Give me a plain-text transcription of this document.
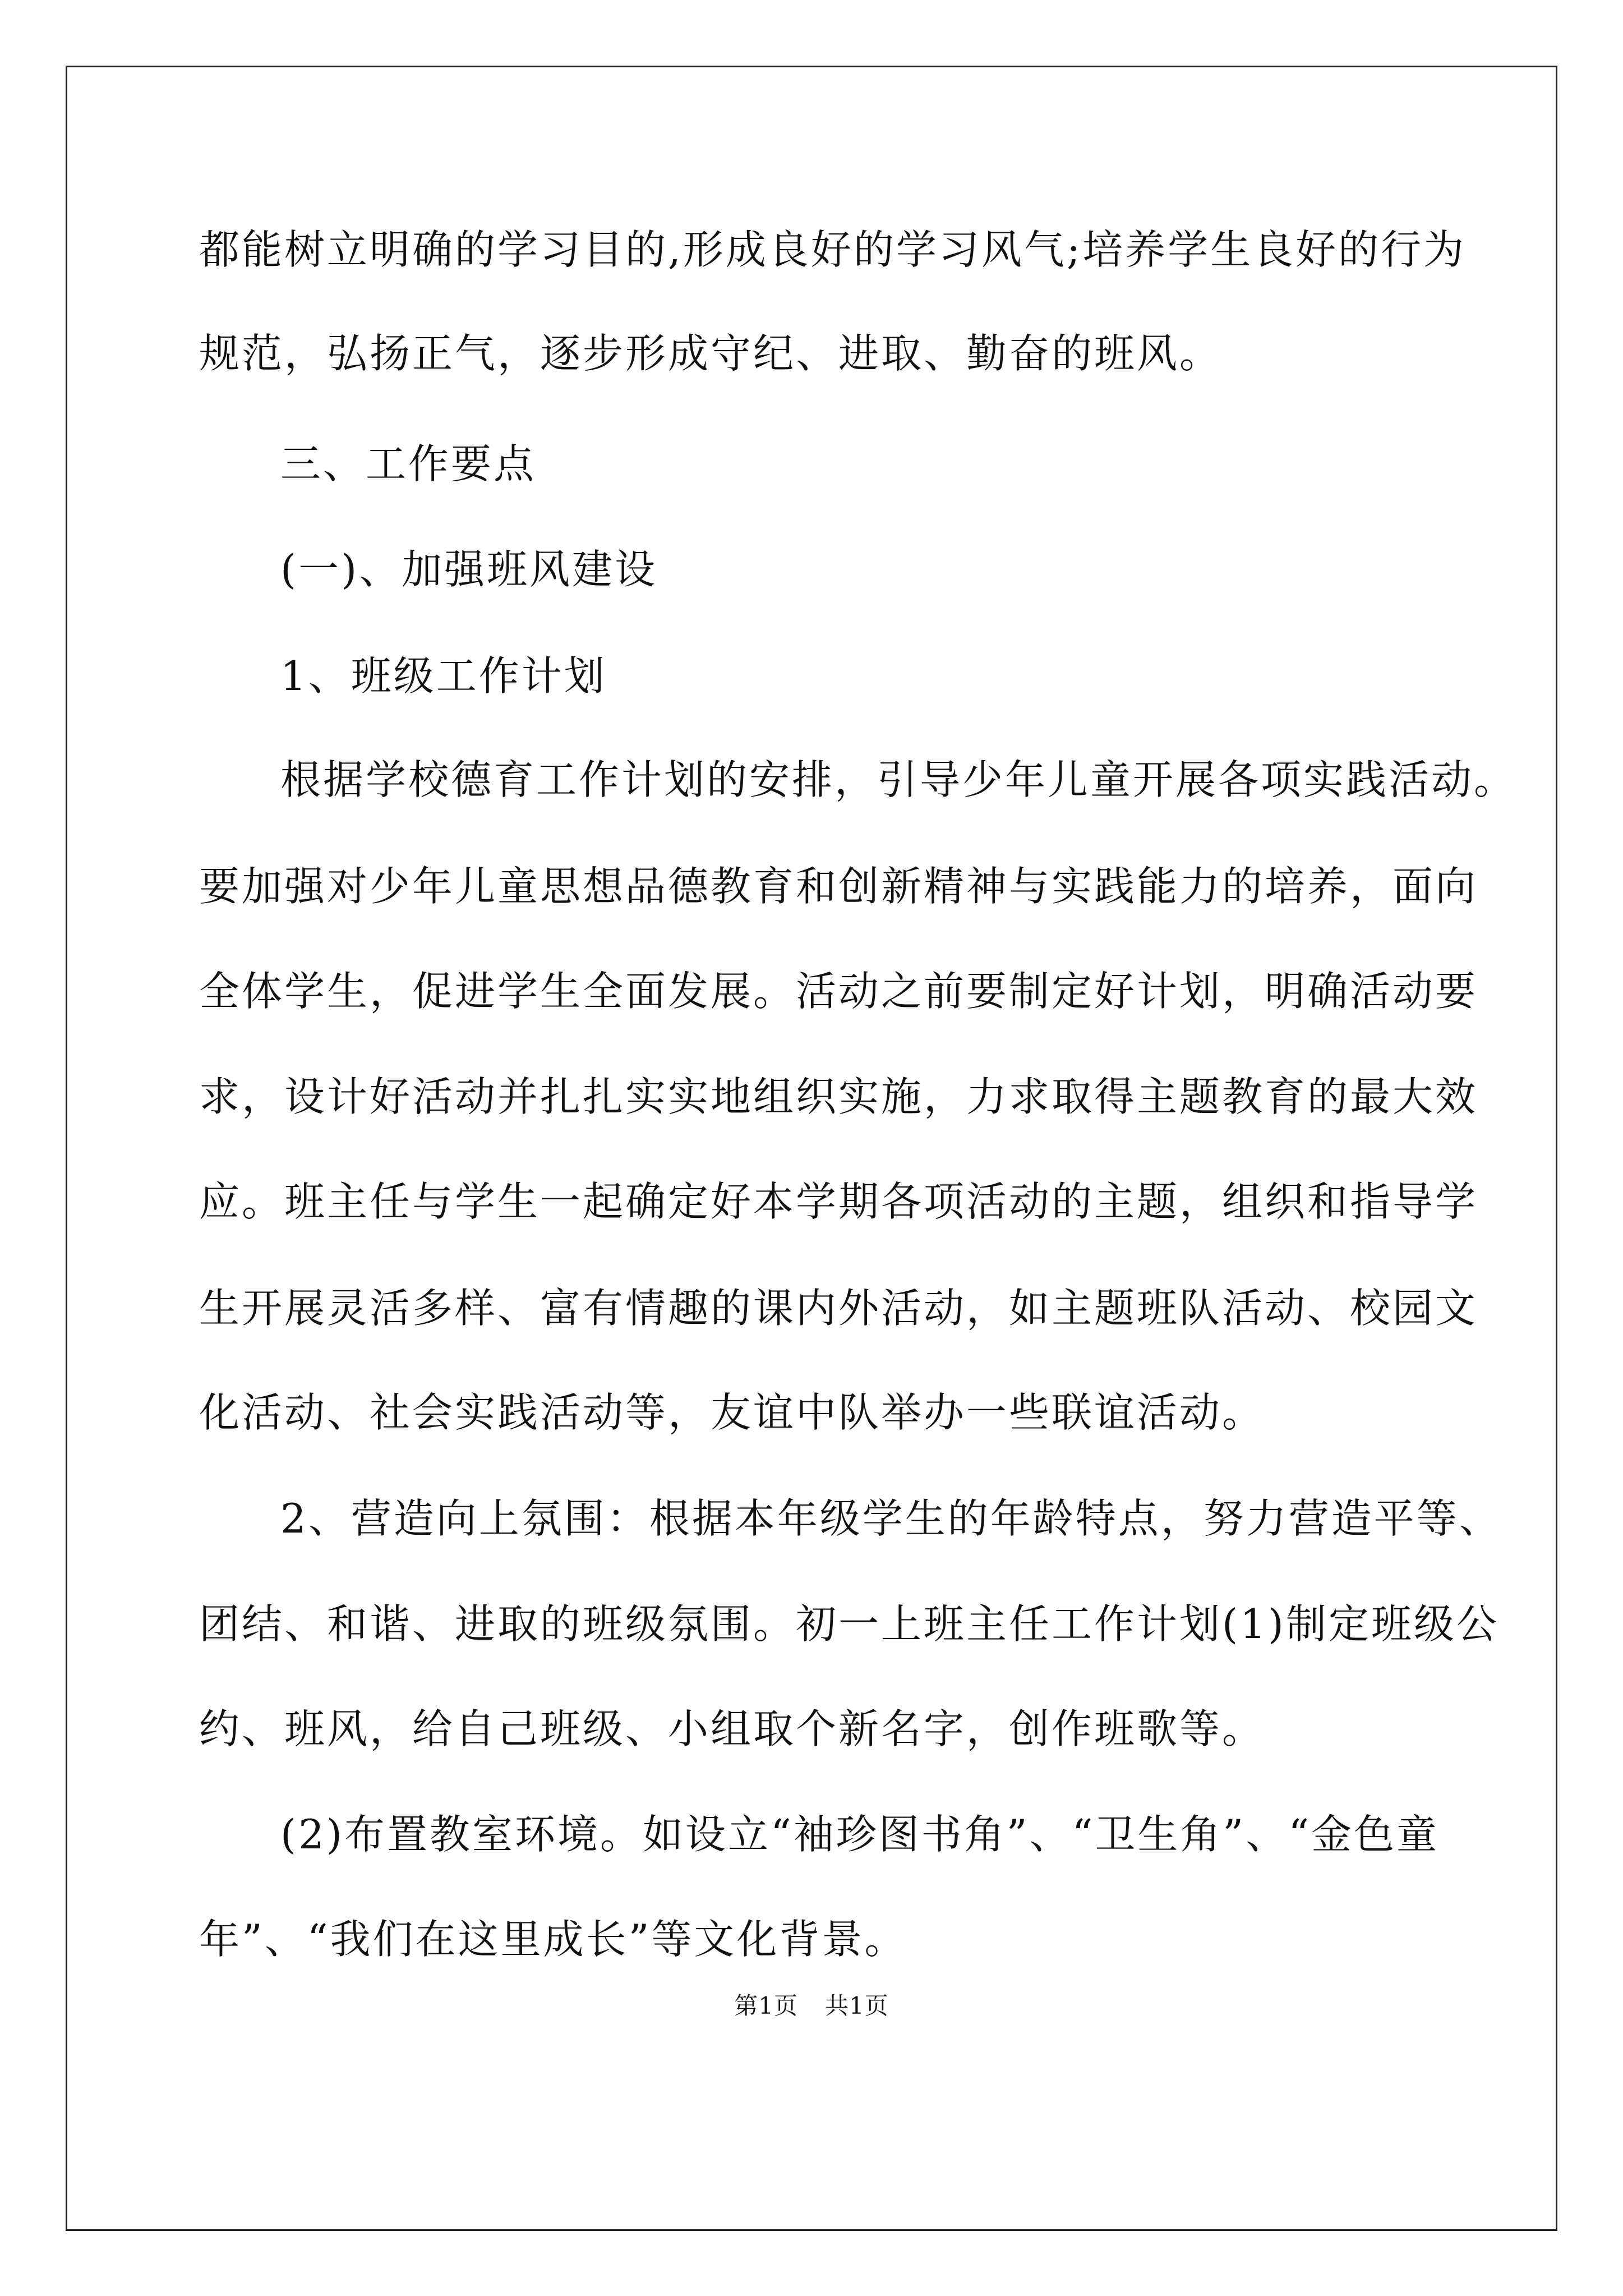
都能树立明确的学习目的,形成良好的学习风气;培养学生良好的行为

规范，弘扬正气，逐步形成守纪、进取、勤奋的班风。

三、工作要点

(一)、加强班风建设

1、班级工作计划

根据学校德育工作计划的安排，引导少年儿童开展各项实践活动。

要加强对少年儿童思想品德教育和创新精神与实践能力的培养，面向

全体学生，促进学生全面发展。活动之前要制定好计划，明确活动要

求，设计好活动并扎扎实实地组织实施，力求取得主题教育的最大效

应。班主任与学生一起确定好本学期各项活动的主题，组织和指导学

生开展灵活多样、富有情趣的课内外活动，如主题班队活动、校园文

化活动、社会实践活动等，友谊中队举办一些联谊活动。

2、营造向上氛围：根据本年级学生的年龄特点，努力营造平等、

团结、和谐、进取的班级氛围。初一上班主任工作计划(1)制定班级公

约、班风，给自己班级、小组取个新名字，创作班歌等。

(2)布置教室环境。如设立“袖珍图书角”、“卫生角”、“金色童

年”、“我们在这里成长”等文化背景。

第1页 共1页
